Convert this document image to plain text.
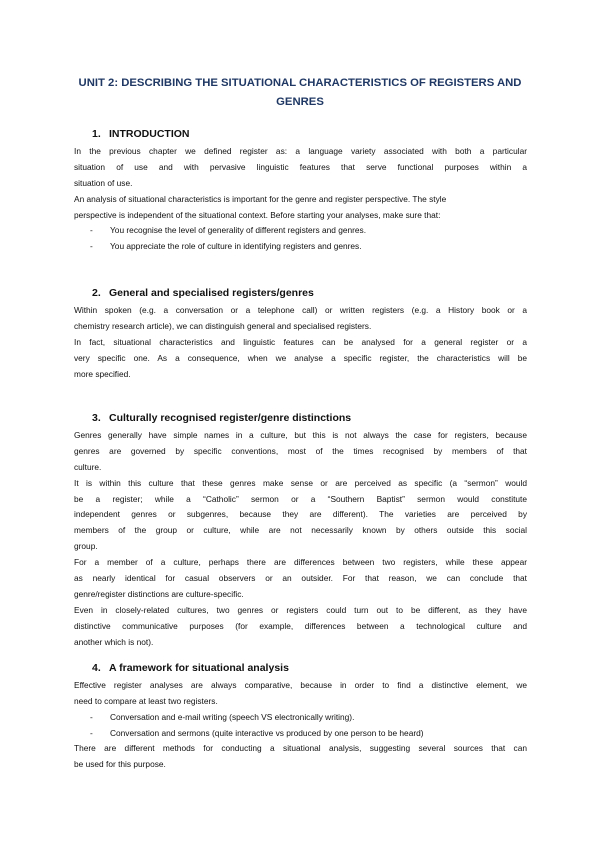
UNIT 2: DESCRIBING THE SITUATIONAL CHARACTERISTICS OF REGISTERS AND
GENRES
1. INTRODUCTION
In the previous chapter we defined register as: a language variety associated with both a particular
situation of use and with pervasive linguistic features that serve functional purposes within a
situation of use.
An analysis of situational characteristics is important for the genre and register perspective. The style
perspective is independent of the situational context. Before starting your analyses, make sure that:
- You recognise the level of generality of different registers and genres.
- You appreciate the role of culture in identifying registers and genres.
2. General and specialised registers/genres
Within spoken (e.g. a conversation or a telephone call) or written registers (e.g. a History book or a
chemistry research article), we can distinguish general and specialised registers.
In fact, situational characteristics and linguistic features can be analysed for a general register or a
very specific one. As a consequence, when we analyse a specific register, the characteristics will be
more specified.
3. Culturally recognised register/genre distinctions
Genres generally have simple names in a culture, but this is not always the case for registers, because
genres are governed by specific conventions, most of the times recognised by members of that
culture.
It is within this culture that these genres make sense or are perceived as specific (a “sermon” would
be a register; while a “Catholic” sermon or a “Southern Baptist” sermon would constitute
independent genres or subgenres, because they are different). The varieties are perceived by
members of the group or culture, while are not necessarily known by others outside this social
group.
For a member of a culture, perhaps there are differences between two registers, while these appear
as nearly identical for casual observers or an outsider. For that reason, we can conclude that
genre/register distinctions are culture-specific.
Even in closely-related cultures, two genres or registers could turn out to be different, as they have
distinctive communicative purposes (for example, differences between a technological culture and
another which is not).
4. A framework for situational analysis
Effective register analyses are always comparative, because in order to find a distinctive element, we
need to compare at least two registers.
- Conversation and e-mail writing (speech VS electronically writing).
- Conversation and sermons (quite interactive vs produced by one person to be heard)
There are different methods for conducting a situational analysis, suggesting several sources that can
be used for this purpose.
